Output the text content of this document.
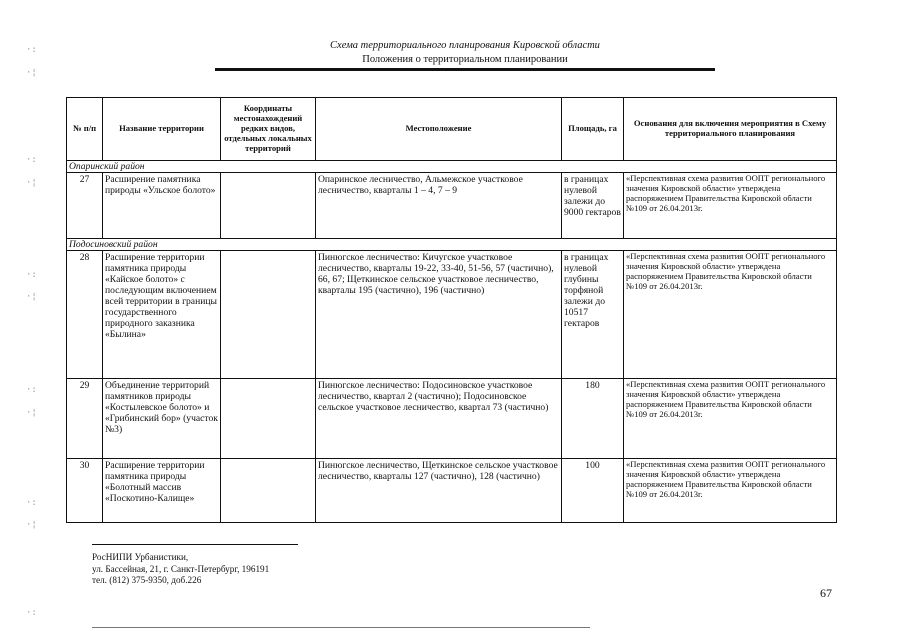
Схема территориального планирования Кировской области
Положения о территориальном планировании
·:
·¦
·:
·¦
·:
·¦
·:
·¦
·:
·¦
·:
№ п/п	Название территории	Координаты местонахождений редких видов, отдельных локальных территорий	Местоположение	Площадь, га	Основания для включения мероприятия в Схему территориального планирования
Опаринский район					
27	Расширение памятника природы «Ульское болото»		Опаринское лесничество, Альмежское участковое лесничество, кварталы 1 – 4, 7 – 9	в границах нулевой залежи до 9000 гектаров	«Перспективная схема развития ООПТ регионального значения Кировской области» утверждена распоряжением Правительства Кировской области №109 от 26.04.2013г.
Подосиновский район					
28	Расширение территории памятника природы «Кайское болото» с последующим включением всей территории в границы государственного природного заказника «Былина»		Пинюгское лесничество: Кичугское участковое лесничество, кварталы 19-22, 33-40, 51-56, 57 (частично), 66, 67; Щеткинское сельское участковое лесничество, кварталы 195 (частично), 196 (частично)	в границах нулевой глубины торфяной залежи до 10517 гектаров	«Перспективная схема развития ООПТ регионального значения Кировской области» утверждена распоряжением Правительства Кировской области №109 от 26.04.2013г.
29	Объединение территорий памятников природы «Костылевское болото» и «Грибинский бор» (участок №3)		Пинюгское лесничество: Подосиновское участковое лесничество, квартал 2 (частично); Подосиновское сельское участковое лесничество, квартал 73 (частично)	180	«Перспективная схема развития ООПТ регионального значения Кировской области» утверждена распоряжением Правительства Кировской области №109 от 26.04.2013г.
30	Расширение территории памятника природы «Болотный массив «Поскотино-Калище»		Пинюгское лесничество, Щеткинское сельское участковое лесничество, кварталы 127 (частично), 128 (частично)	100	«Перспективная схема развития ООПТ регионального значения Кировской области» утверждена распоряжением Правительства Кировской области №109 от 26.04.2013г.
РосНИПИ Урбанистики,
ул. Бассейная, 21, г. Санкт-Петербург, 196191
тел. (812) 375-9350, доб.226
67
